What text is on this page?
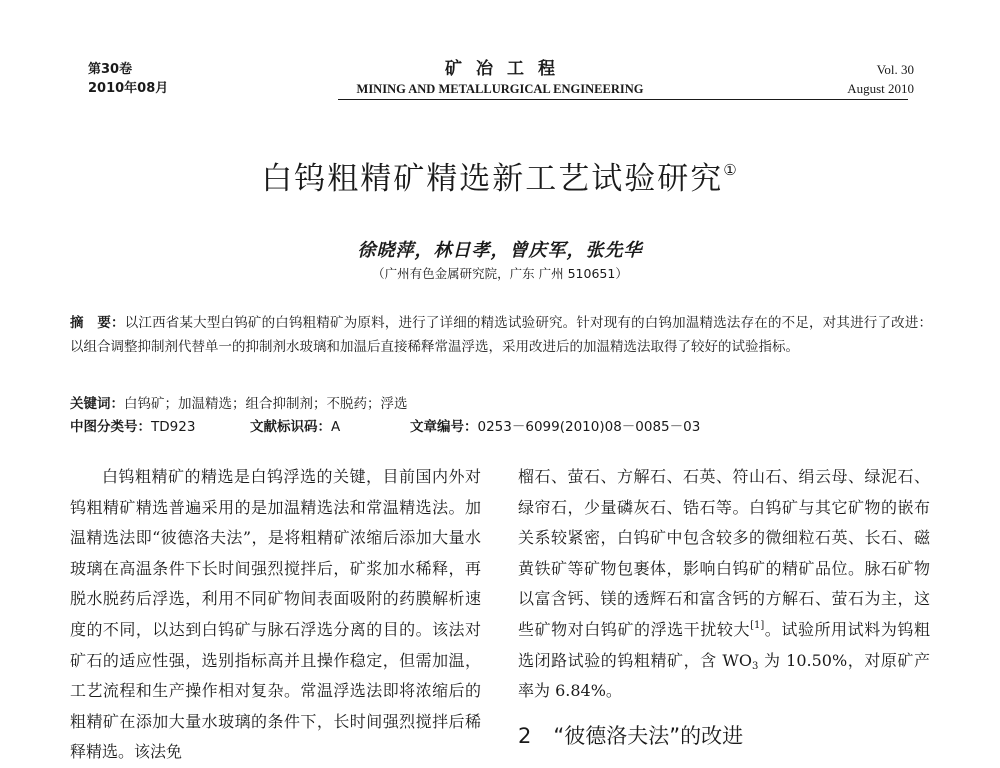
第30卷
2010年08月
矿冶工程
MINING AND METALLURGICAL ENGINEERING
Vol. 30
August 2010
白钨粗精矿精选新工艺试验研究①
徐晓萍，林日孝，曾庆军，张先华
（广州有色金属研究院，广东 广州 510651）
摘　要：以江西省某大型白钨矿的白钨粗精矿为原料，进行了详细的精选试验研究。针对现有的白钨加温精选法存在的不足，对其进行了改进：以组合调整抑制剂代替单一的抑制剂水玻璃和加温后直接稀释常温浮选，采用改进后的加温精选法取得了较好的试验指标。
关键词：白钨矿；加温精选；组合抑制剂；不脱药；浮选
中图分类号：TD923	文献标识码：A	文章编号：0253－6099(2010)08－0085－03

白钨粗精矿的精选是白钨浮选的关键，目前国内外对钨粗精矿精选普遍采用的是加温精选法和常温精选法。加温精选法即“彼德洛夫法”，是将粗精矿浓缩后添加大量水玻璃在高温条件下长时间强烈搅拌后，矿浆加水稀释，再脱水脱药后浮选，利用不同矿物间表面吸附的药膜解析速度的不同，以达到白钨矿与脉石浮选分离的目的。该法对矿石的适应性强，选别指标高并且操作稳定，但需加温，工艺流程和生产操作相对复杂。常温浮选法即将浓缩后的粗精矿在添加大量水玻璃的条件下，长时间强烈搅拌后稀释精选。该法免

榴石、萤石、方解石、石英、符山石、绢云母、绿泥石、绿帘石，少量磷灰石、锆石等。白钨矿与其它矿物的嵌布关系较紧密，白钨矿中包含较多的微细粒石英、长石、磁黄铁矿等矿物包裹体，影响白钨矿的精矿品位。脉石矿物以富含钙、镁的透辉石和富含钙的方解石、萤石为主，这些矿物对白钨矿的浮选干扰较大[1]。试验所用试料为钨粗选闭路试验的钨粗精矿，含 $WO_3$ 为 10.50%，对原矿产率为 6.84%。

2 “彼德洛夫法”的改进
